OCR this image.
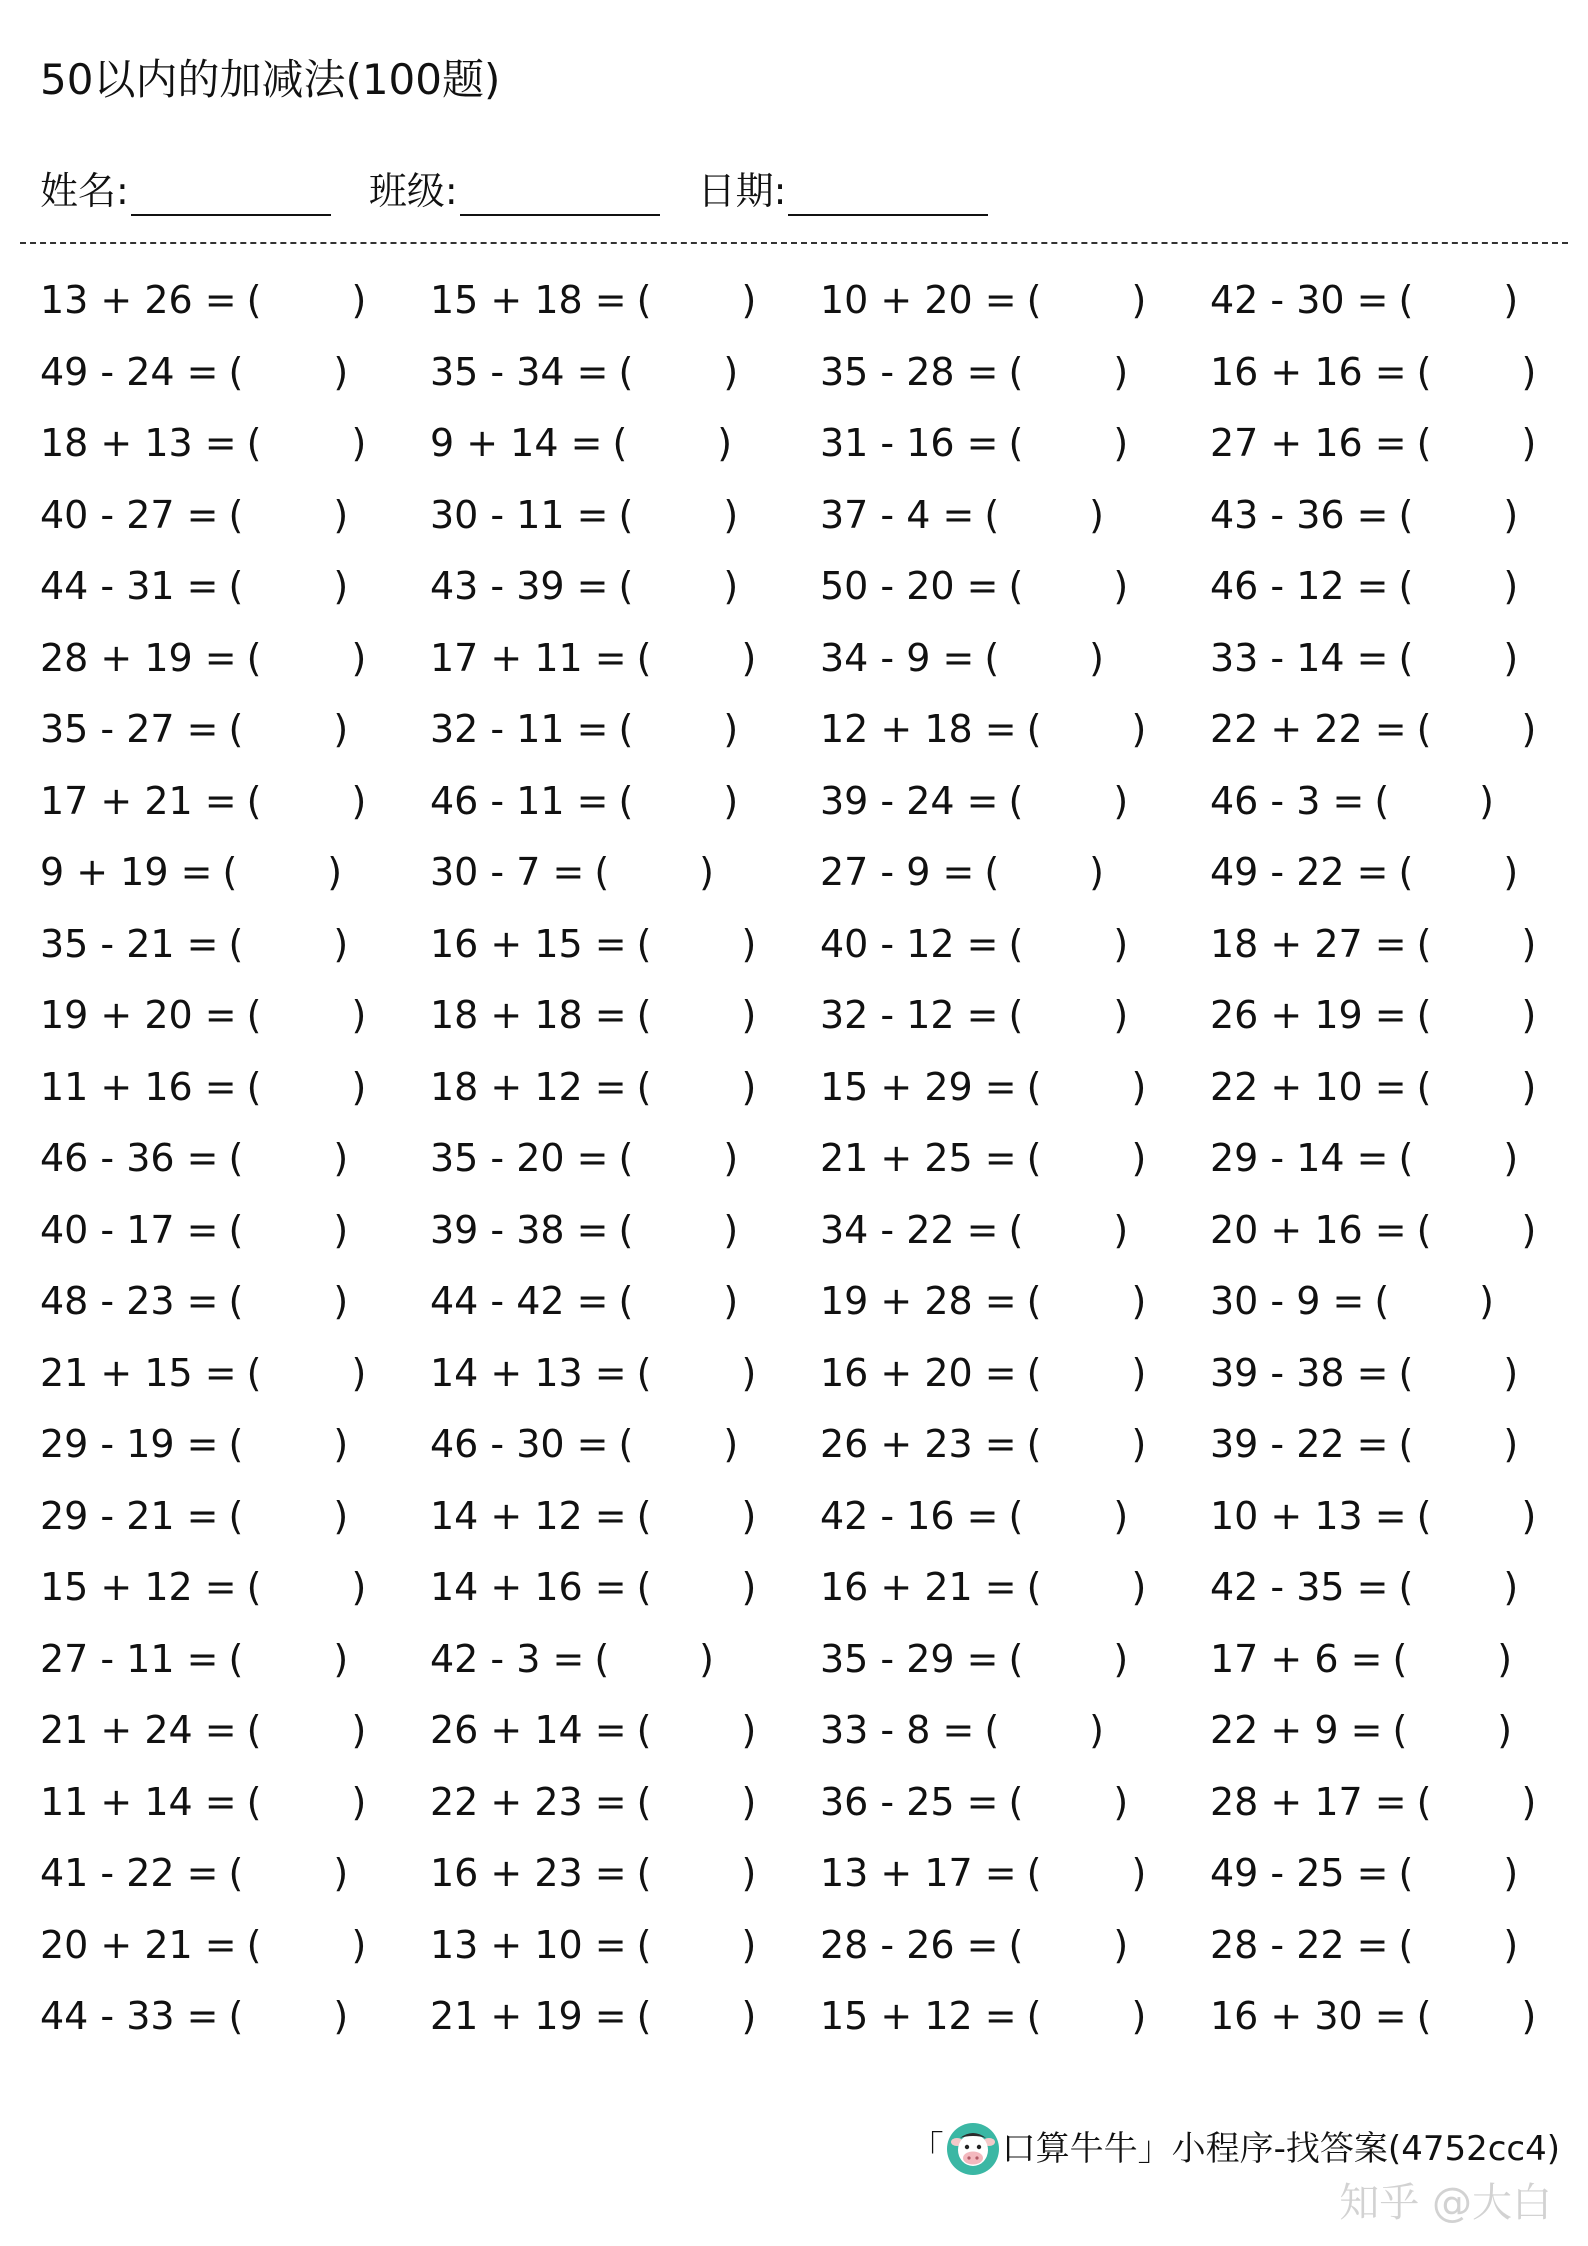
50以内的加减法(100题)
姓名:	班级:	日期:
13 + 26 = ( )	15 + 18 = ( )	10 + 20 = ( )	42 - 30 = ( )
49 - 24 = ( )	35 - 34 = ( )	35 - 28 = ( )	16 + 16 = ( )
18 + 13 = ( )	9 + 14 = ( )	31 - 16 = ( )	27 + 16 = ( )
40 - 27 = ( )	30 - 11 = ( )	37 - 4 = ( )	43 - 36 = ( )
44 - 31 = ( )	43 - 39 = ( )	50 - 20 = ( )	46 - 12 = ( )
28 + 19 = ( )	17 + 11 = ( )	34 - 9 = ( )	33 - 14 = ( )
35 - 27 = ( )	32 - 11 = ( )	12 + 18 = ( )	22 + 22 = ( )
17 + 21 = ( )	46 - 11 = ( )	39 - 24 = ( )	46 - 3 = ( )
9 + 19 = ( )	30 - 7 = ( )	27 - 9 = ( )	49 - 22 = ( )
35 - 21 = ( )	16 + 15 = ( )	40 - 12 = ( )	18 + 27 = ( )
19 + 20 = ( )	18 + 18 = ( )	32 - 12 = ( )	26 + 19 = ( )
11 + 16 = ( )	18 + 12 = ( )	15 + 29 = ( )	22 + 10 = ( )
46 - 36 = ( )	35 - 20 = ( )	21 + 25 = ( )	29 - 14 = ( )
40 - 17 = ( )	39 - 38 = ( )	34 - 22 = ( )	20 + 16 = ( )
48 - 23 = ( )	44 - 42 = ( )	19 + 28 = ( )	30 - 9 = ( )
21 + 15 = ( )	14 + 13 = ( )	16 + 20 = ( )	39 - 38 = ( )
29 - 19 = ( )	46 - 30 = ( )	26 + 23 = ( )	39 - 22 = ( )
29 - 21 = ( )	14 + 12 = ( )	42 - 16 = ( )	10 + 13 = ( )
15 + 12 = ( )	14 + 16 = ( )	16 + 21 = ( )	42 - 35 = ( )
27 - 11 = ( )	42 - 3 = ( )	35 - 29 = ( )	17 + 6 = ( )
21 + 24 = ( )	26 + 14 = ( )	33 - 8 = ( )	22 + 9 = ( )
11 + 14 = ( )	22 + 23 = ( )	36 - 25 = ( )	28 + 17 = ( )
41 - 22 = ( )	16 + 23 = ( )	13 + 17 = ( )	49 - 25 = ( )
20 + 21 = ( )	13 + 10 = ( )	28 - 26 = ( )	28 - 22 = ( )
44 - 33 = ( )	21 + 19 = ( )	15 + 12 = ( )	16 + 30 = ( )
「 口算牛牛 」小程序-找答案(4752cc4)
知乎 @大白
